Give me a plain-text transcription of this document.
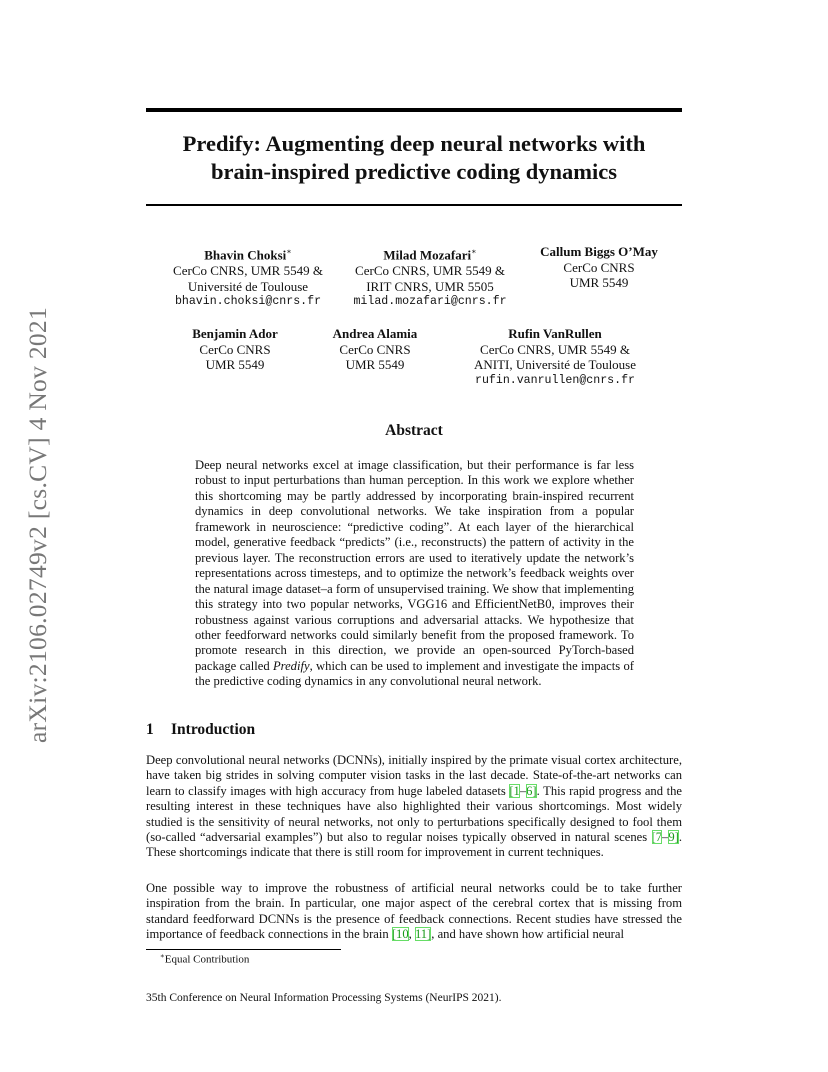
arXiv:2106.02749v2 [cs.CV] 4 Nov 2021
Predify: Augmenting deep neural networks with
brain-inspired predictive coding dynamics
Bhavin Choksi∗
CerCo CNRS, UMR 5549 &
Université de Toulouse
bhavin.choksi@cnrs.fr
Milad Mozafari∗
CerCo CNRS, UMR 5549 &
IRIT CNRS, UMR 5505
milad.mozafari@cnrs.fr
Callum Biggs O’May
CerCo CNRS
UMR 5549
Benjamin Ador
CerCo CNRS
UMR 5549
Andrea Alamia
CerCo CNRS
UMR 5549
Rufin VanRullen
CerCo CNRS, UMR 5549 &
ANITI, Université de Toulouse
rufin.vanrullen@cnrs.fr
Abstract
Deep neural networks excel at image classification, but their performance is far less robust to input perturbations than human perception. In this work we explore whether this shortcoming may be partly addressed by incorporating brain-inspired recurrent dynamics in deep convolutional networks. We take inspiration from a popular framework in neuroscience: “predictive coding”. At each layer of the hierarchical model, generative feedback “predicts” (i.e., reconstructs) the pattern of activity in the previous layer. The reconstruction errors are used to iteratively update the network’s representations across timesteps, and to optimize the network’s feedback weights over the natural image dataset–a form of unsupervised training. We show that implementing this strategy into two popular networks, VGG16 and EfficientNetB0, improves their robustness against various corruptions and adversarial attacks. We hypothesize that other feedforward networks could similarly benefit from the proposed framework. To promote research in this direction, we provide an open-sourced PyTorch-based package called Predify, which can be used to implement and investigate the impacts of the predictive coding dynamics in any convolutional neural network.
1 Introduction
Deep convolutional neural networks (DCNNs), initially inspired by the primate visual cortex architecture, have taken big strides in solving computer vision tasks in the last decade. State-of-the-art networks can learn to classify images with high accuracy from huge labeled datasets [1–6]. This rapid progress and the resulting interest in these techniques have also highlighted their various shortcomings. Most widely studied is the sensitivity of neural networks, not only to perturbations specifically designed to fool them (so-called “adversarial examples”) but also to regular noises typically observed in natural scenes [7–9]. These shortcomings indicate that there is still room for improvement in current techniques.
One possible way to improve the robustness of artificial neural networks could be to take further inspiration from the brain. In particular, one major aspect of the cerebral cortex that is missing from standard feedforward DCNNs is the presence of feedback connections. Recent studies have stressed the importance of feedback connections in the brain [10, 11], and have shown how artificial neural
∗Equal Contribution
35th Conference on Neural Information Processing Systems (NeurIPS 2021).
